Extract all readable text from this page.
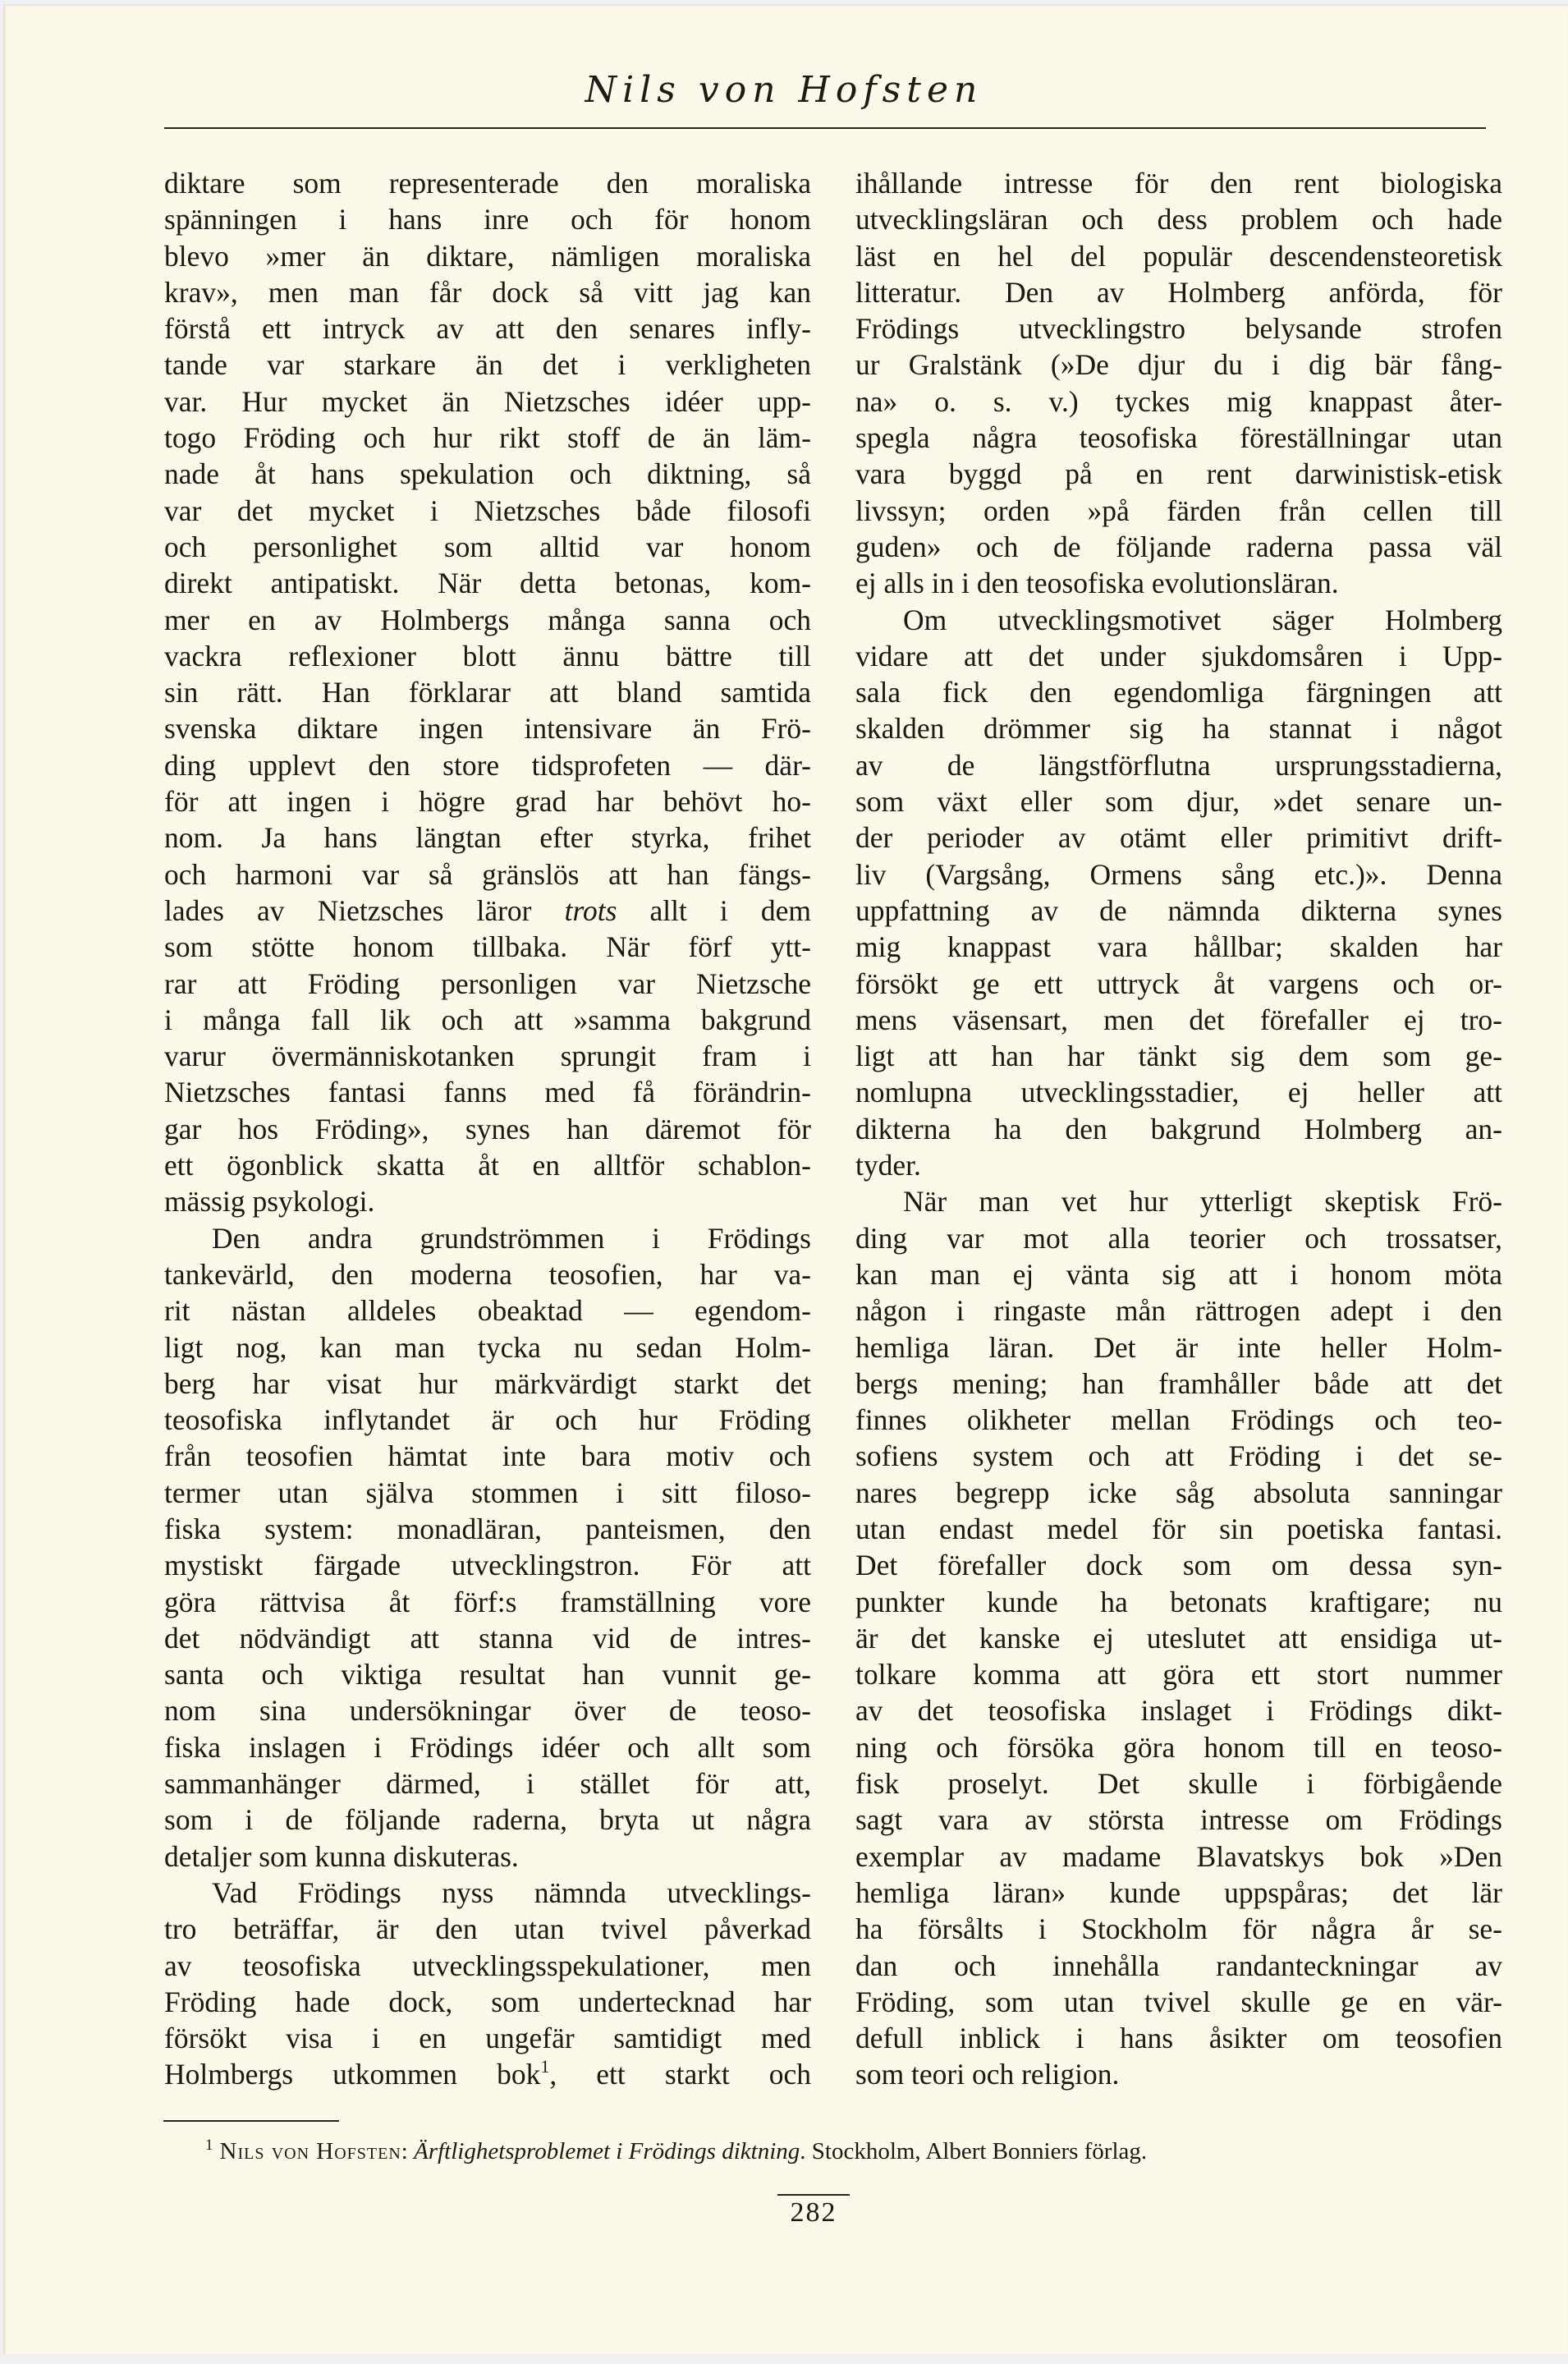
Nils von Hofsten
diktare som representerade den moraliska
spänningen i hans inre och för honom
blevo »mer än diktare, nämligen moraliska
krav», men man får dock så vitt jag kan
förstå ett intryck av att den senares infly-
tande var starkare än det i verkligheten
var. Hur mycket än Nietzsches idéer upp-
togo Fröding och hur rikt stoff de än läm-
nade åt hans spekulation och diktning, så
var det mycket i Nietzsches både filosofi
och personlighet som alltid var honom
direkt antipatiskt. När detta betonas, kom-
mer en av Holmbergs många sanna och
vackra reflexioner blott ännu bättre till
sin rätt. Han förklarar att bland samtida
svenska diktare ingen intensivare än Frö-
ding upplevt den store tidsprofeten — där-
för att ingen i högre grad har behövt ho-
nom. Ja hans längtan efter styrka, frihet
och harmoni var så gränslös att han fängs-
lades av Nietzsches läror trots allt i dem
som stötte honom tillbaka. När förf ytt-
rar att Fröding personligen var Nietzsche
i många fall lik och att »samma bakgrund
varur övermänniskotanken sprungit fram i
Nietzsches fantasi fanns med få förändrin-
gar hos Fröding», synes han däremot för
ett ögonblick skatta åt en alltför schablon-
mässig psykologi.
Den andra grundströmmen i Frödings
tankevärld, den moderna teosofien, har va-
rit nästan alldeles obeaktad — egendom-
ligt nog, kan man tycka nu sedan Holm-
berg har visat hur märkvärdigt starkt det
teosofiska inflytandet är och hur Fröding
från teosofien hämtat inte bara motiv och
termer utan själva stommen i sitt filoso-
fiska system: monadläran, panteismen, den
mystiskt färgade utvecklingstron. För att
göra rättvisa åt förf:s framställning vore
det nödvändigt att stanna vid de intres-
santa och viktiga resultat han vunnit ge-
nom sina undersökningar över de teoso-
fiska inslagen i Frödings idéer och allt som
sammanhänger därmed, i stället för att,
som i de följande raderna, bryta ut några
detaljer som kunna diskuteras.
Vad Frödings nyss nämnda utvecklings-
tro beträffar, är den utan tvivel påverkad
av teosofiska utvecklingsspekulationer, men
Fröding hade dock, som undertecknad har
försökt visa i en ungefär samtidigt med
Holmbergs utkommen bok$^1$, ett starkt och
ihållande intresse för den rent biologiska
utvecklingsläran och dess problem och hade
läst en hel del populär descendensteoretisk
litteratur. Den av Holmberg anförda, för
Frödings utvecklingstro belysande strofen
ur Gralstänk (»De djur du i dig bär fång-
na» o. s. v.) tyckes mig knappast åter-
spegla några teosofiska föreställningar utan
vara byggd på en rent darwinistisk-etisk
livssyn; orden »på färden från cellen till
guden» och de följande raderna passa väl
ej alls in i den teosofiska evolutionsläran.
Om utvecklingsmotivet säger Holmberg
vidare att det under sjukdomsåren i Upp-
sala fick den egendomliga färgningen att
skalden drömmer sig ha stannat i något
av de längstförflutna ursprungsstadierna,
som växt eller som djur, »det senare un-
der perioder av otämt eller primitivt drift-
liv (Vargsång, Ormens sång etc.)». Denna
uppfattning av de nämnda dikterna synes
mig knappast vara hållbar; skalden har
försökt ge ett uttryck åt vargens och or-
mens väsensart, men det förefaller ej tro-
ligt att han har tänkt sig dem som ge-
nomlupna utvecklingsstadier, ej heller att
dikterna ha den bakgrund Holmberg an-
tyder.
När man vet hur ytterligt skeptisk Frö-
ding var mot alla teorier och trossatser,
kan man ej vänta sig att i honom möta
någon i ringaste mån rättrogen adept i den
hemliga läran. Det är inte heller Holm-
bergs mening; han framhåller både att det
finnes olikheter mellan Frödings och teo-
sofiens system och att Fröding i det se-
nares begrepp icke såg absoluta sanningar
utan endast medel för sin poetiska fantasi.
Det förefaller dock som om dessa syn-
punkter kunde ha betonats kraftigare; nu
är det kanske ej uteslutet att ensidiga ut-
tolkare komma att göra ett stort nummer
av det teosofiska inslaget i Frödings dikt-
ning och försöka göra honom till en teoso-
fisk proselyt. Det skulle i förbigående
sagt vara av största intresse om Frödings
exemplar av madame Blavatskys bok »Den
hemliga läran» kunde uppspåras; det lär
ha försålts i Stockholm för några år se-
dan och innehålla randanteckningar av
Fröding, som utan tvivel skulle ge en vär-
defull inblick i hans åsikter om teosofien
som teori och religion.
$^1$ Nils von Hofsten: Ärftlighetsproblemet i Frödings diktning. Stockholm, Albert Bonniers förlag.
282
